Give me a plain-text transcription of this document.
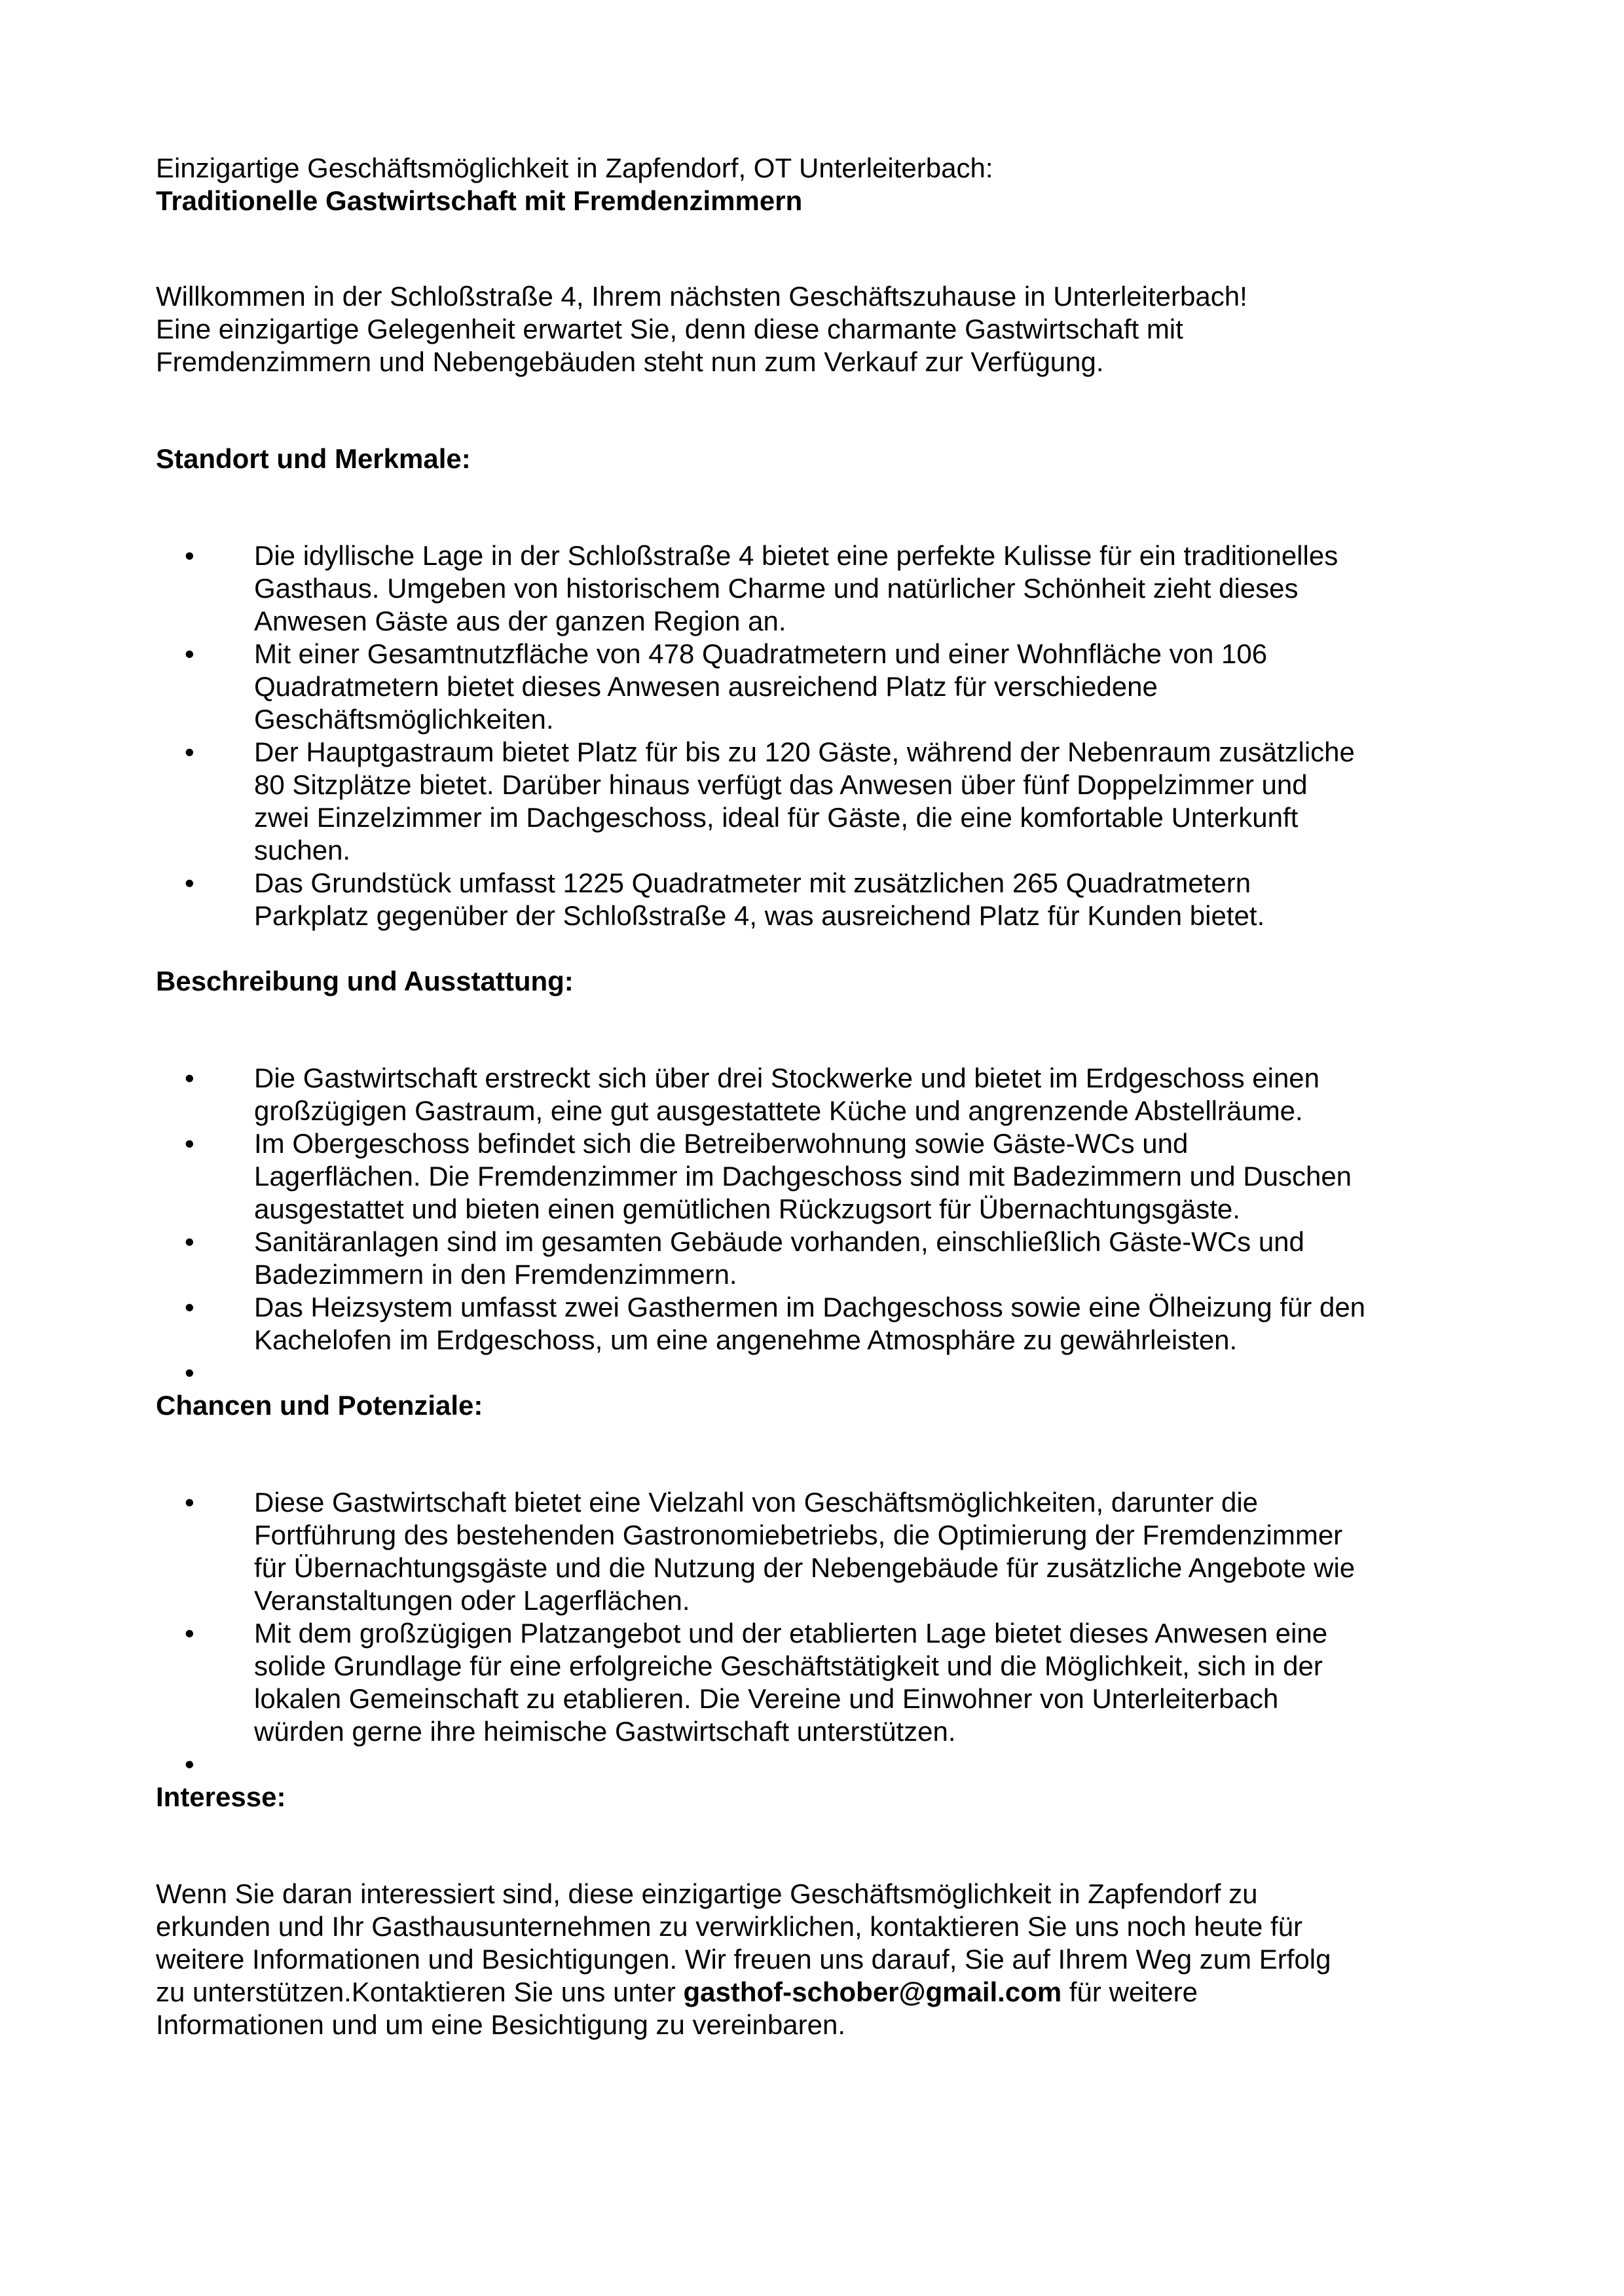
Einzigartige Geschäftsmöglichkeit in Zapfendorf, OT Unterleiterbach:

Traditionelle Gastwirtschaft mit Fremdenzimmern

Willkommen in der Schloßstraße 4, Ihrem nächsten Geschäftszuhause in Unterleiterbach!

Eine einzigartige Gelegenheit erwartet Sie, denn diese charmante Gastwirtschaft mit

Fremdenzimmern und Nebengebäuden steht nun zum Verkauf zur Verfügung.

Standort und Merkmale:

• Die idyllische Lage in der Schloßstraße 4 bietet eine perfekte Kulisse für ein traditionelles
Gasthaus. Umgeben von historischem Charme und natürlicher Schönheit zieht dieses
Anwesen Gäste aus der ganzen Region an.
• Mit einer Gesamtnutzfläche von 478 Quadratmetern und einer Wohnfläche von 106
Quadratmetern bietet dieses Anwesen ausreichend Platz für verschiedene
Geschäftsmöglichkeiten.
• Der Hauptgastraum bietet Platz für bis zu 120 Gäste, während der Nebenraum zusätzliche
80 Sitzplätze bietet. Darüber hinaus verfügt das Anwesen über fünf Doppelzimmer und
zwei Einzelzimmer im Dachgeschoss, ideal für Gäste, die eine komfortable Unterkunft
suchen.
• Das Grundstück umfasst 1225 Quadratmeter mit zusätzlichen 265 Quadratmetern
Parkplatz gegenüber der Schloßstraße 4, was ausreichend Platz für Kunden bietet.

Beschreibung und Ausstattung:

• Die Gastwirtschaft erstreckt sich über drei Stockwerke und bietet im Erdgeschoss einen
großzügigen Gastraum, eine gut ausgestattete Küche und angrenzende Abstellräume.
• Im Obergeschoss befindet sich die Betreiberwohnung sowie Gäste-WCs und
Lagerflächen. Die Fremdenzimmer im Dachgeschoss sind mit Badezimmern und Duschen
ausgestattet und bieten einen gemütlichen Rückzugsort für Übernachtungsgäste.
• Sanitäranlagen sind im gesamten Gebäude vorhanden, einschließlich Gäste-WCs und
Badezimmern in den Fremdenzimmern.
• Das Heizsystem umfasst zwei Gasthermen im Dachgeschoss sowie eine Ölheizung für den
Kachelofen im Erdgeschoss, um eine angenehme Atmosphäre zu gewährleisten.
•

Chancen und Potenziale:

• Diese Gastwirtschaft bietet eine Vielzahl von Geschäftsmöglichkeiten, darunter die
Fortführung des bestehenden Gastronomiebetriebs, die Optimierung der Fremdenzimmer
für Übernachtungsgäste und die Nutzung der Nebengebäude für zusätzliche Angebote wie
Veranstaltungen oder Lagerflächen.
• Mit dem großzügigen Platzangebot und der etablierten Lage bietet dieses Anwesen eine
solide Grundlage für eine erfolgreiche Geschäftstätigkeit und die Möglichkeit, sich in der
lokalen Gemeinschaft zu etablieren. Die Vereine und Einwohner von Unterleiterbach
würden gerne ihre heimische Gastwirtschaft unterstützen.
•

Interesse:

Wenn Sie daran interessiert sind, diese einzigartige Geschäftsmöglichkeit in Zapfendorf zu

erkunden und Ihr Gasthausunternehmen zu verwirklichen, kontaktieren Sie uns noch heute für

weitere Informationen und Besichtigungen. Wir freuen uns darauf, Sie auf Ihrem Weg zum Erfolg

zu unterstützen.Kontaktieren Sie uns unter gasthof-schober@gmail.com für weitere

Informationen und um eine Besichtigung zu vereinbaren.
